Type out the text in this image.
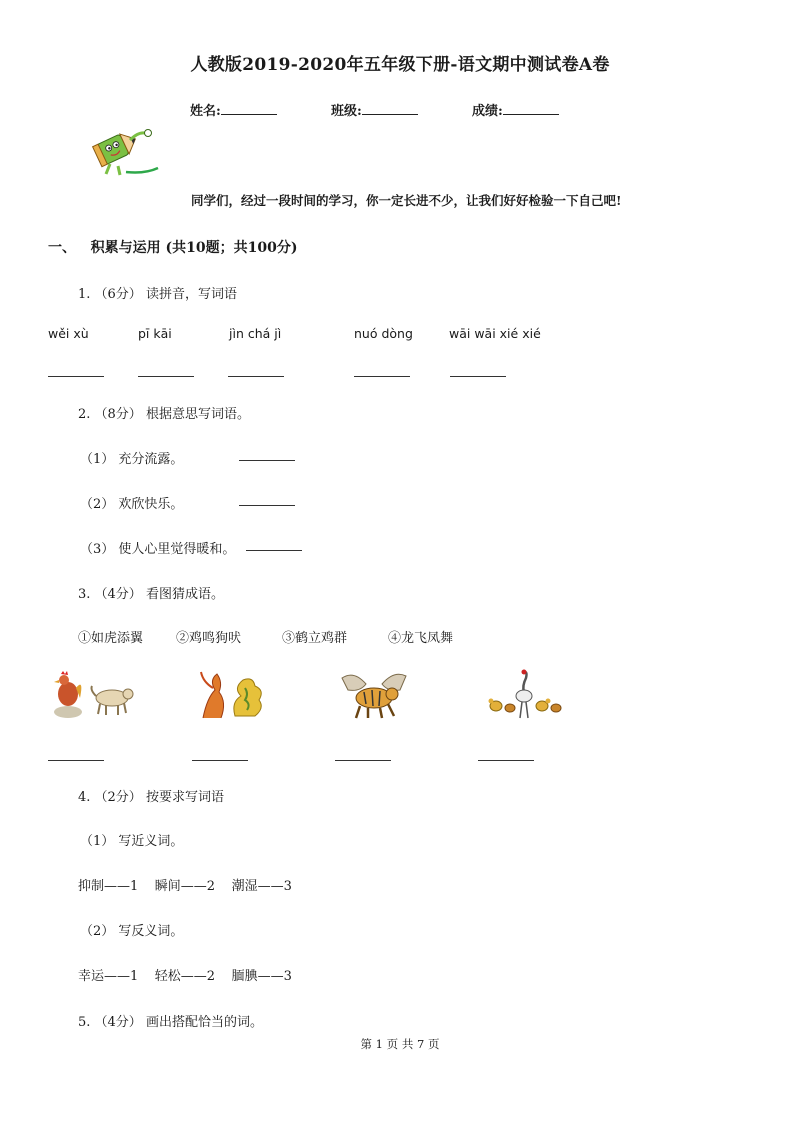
人教版2019-2020年五年级下册-语文期中测试卷A卷
姓名:	班级:	成绩:
同学们，经过一段时间的学习，你一定长进不少，让我们好好检验一下自己吧!
一、 积累与运用 (共10题；共100分)
1. （6分） 读拼音，写词语
wěi xù	pī kāi	jìn chá jì	nuó dòng	wāi wāi xié xié
2. （8分） 根据意思写词语。
（1） 充分流露。
（2） 欢欣快乐。
（3） 使人心里觉得暖和。
3. （4分） 看图猜成语。
①如虎添翼	②鸡鸣狗吠	③鹤立鸡群	④龙飞凤舞
4. （2分） 按要求写词语
（1） 写近义词。
抑制——1    瞬间——2    潮湿——3
（2） 写反义词。
幸运——1    轻松——2    腼腆——3
5. （4分） 画出搭配恰当的词。
第 1 页 共 7 页
